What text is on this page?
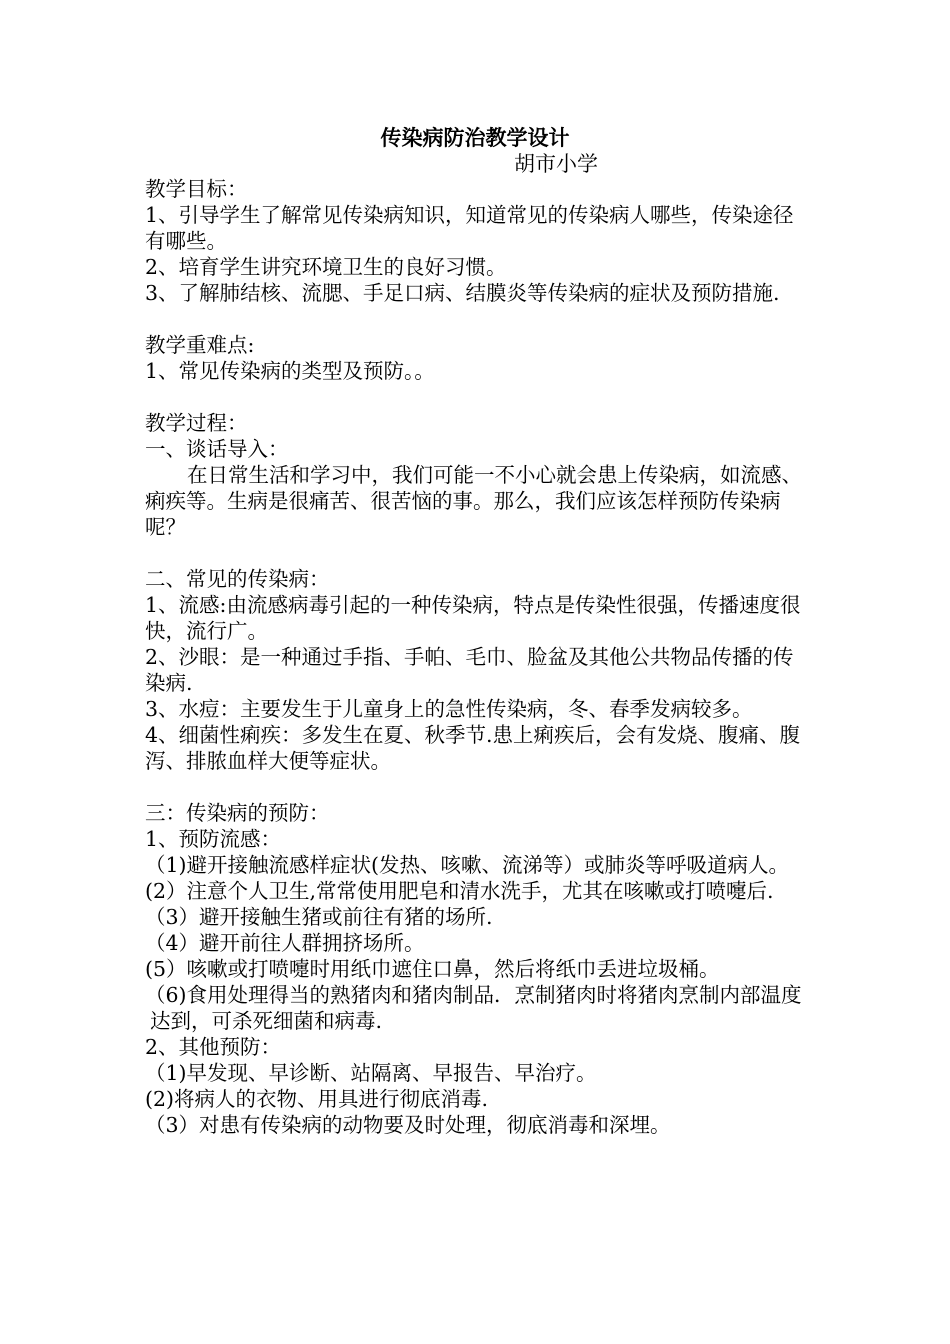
传染病防治教学设计
胡市小学

教学目标：

1、引导学生了解常见传染病知识，知道常见的传染病人哪些，传染途径有哪些。

2、培育学生讲究环境卫生的良好习惯。

3、了解肺结核、流腮、手足口病、结膜炎等传染病的症状及预防措施.

教学重难点:

1、常见传染病的类型及预防。。

教学过程：

一、谈话导入：

在日常生活和学习中，我们可能一不小心就会患上传染病，如流感、痢疾等。生病是很痛苦、很苦恼的事。那么，我们应该怎样预防传染病呢？

二、常见的传染病：

1、流感:由流感病毒引起的一种传染病，特点是传染性很强，传播速度很快，流行广。

2、沙眼：是一种通过手指、手帕、毛巾、脸盆及其他公共物品传播的传染病.

3、水痘：主要发生于儿童身上的急性传染病，冬、春季发病较多。

4、细菌性痢疾：多发生在夏、秋季节.患上痢疾后，会有发烧、腹痛、腹泻、排脓血样大便等症状。

三：传染病的预防：

1、预防流感：

（1)避开接触流感样症状(发热、咳嗽、流涕等）或肺炎等呼吸道病人。

(2）注意个人卫生,常常使用肥皂和清水洗手，尤其在咳嗽或打喷嚏后.

（3）避开接触生猪或前往有猪的场所.

（4）避开前往人群拥挤场所。

(5）咳嗽或打喷嚏时用纸巾遮住口鼻，然后将纸巾丢进垃圾桶。

（6)食用处理得当的熟猪肉和猪肉制品．烹制猪肉时将猪肉烹制内部温度达到，可杀死细菌和病毒.

2、其他预防：

（1)早发现、早诊断、站隔离、早报告、早治疗。

(2)将病人的衣物、用具进行彻底消毒.

（3）对患有传染病的动物要及时处理，彻底消毒和深埋。
